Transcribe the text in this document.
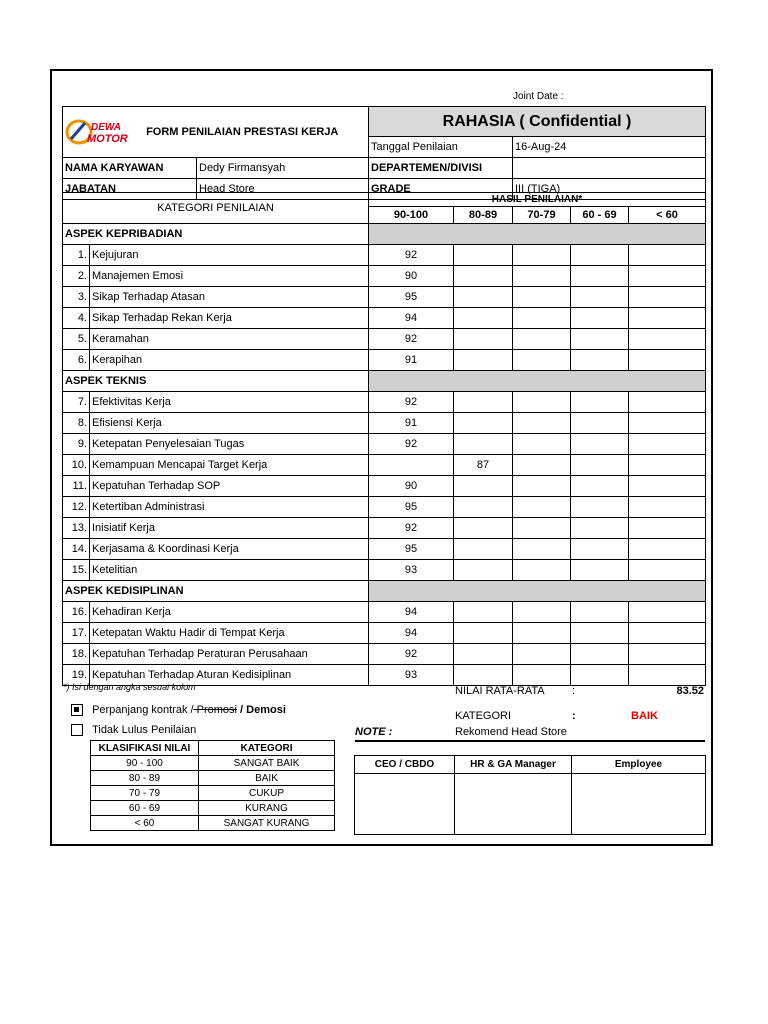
Joint Date :
DEWA
MOTOR
FORM PENILAIAN PRESTASI KERJA		RAHASIA ( Confidential )	
		Tanggal Penilaian	16-Aug-24
NAMA KARYAWAN	Dedy Firmansyah	DEPARTEMEN/DIVISI	
JABATAN	Head Store	GRADE	III (TIGA)
KATEGORI PENILAIAN		HASIL PENILAIAN*				
		90-100	80-89	70-79	60 - 69	< 60
ASPEK KEPRIBADIAN						
1.	Kejujuran	92				
2.	Manajemen Emosi	90				
3.	Sikap Terhadap Atasan	95				
4.	Sikap Terhadap Rekan Kerja	94				
5.	Keramahan	92				
6.	Kerapihan	91				
ASPEK TEKNIS						
7.	Efektivitas Kerja	92				
8.	Efisiensi Kerja	91				
9.	Ketepatan Penyelesaian Tugas	92				
10.	Kemampuan Mencapai Target Kerja		87			
11.	Kepatuhan Terhadap SOP	90				
12.	Ketertiban Administrasi	95				
13.	Inisiatif Kerja	92				
14.	Kerjasama & Koordinasi Kerja	95				
15.	Ketelitian	93				
ASPEK KEDISIPLINAN						
16.	Kehadiran Kerja	94				
17.	Ketepatan Waktu Hadir di Tempat Kerja	94				
18.	Kepatuhan Terhadap Peraturan Perusahaan	92				
19.	Kepatuhan Terhadap Aturan Kedisiplinan	93				
*) Isi dengan angka sesuai kolom	NILAI RATA-RATA :	83.52
KATEGORI	:	BAIK
Perpanjang kontrak / Promosi / Demosi
Tidak Lulus Penilaian	NOTE :	Rekomend Head Store
KLASIFIKASI NILAI	KATEGORI
90 - 100	SANGAT BAIK
80 - 89	BAIK
70 - 79	CUKUP
60 - 69	KURANG
< 60	SANGAT KURANG
CEO / CBDO	HR & GA Manager	Employee
